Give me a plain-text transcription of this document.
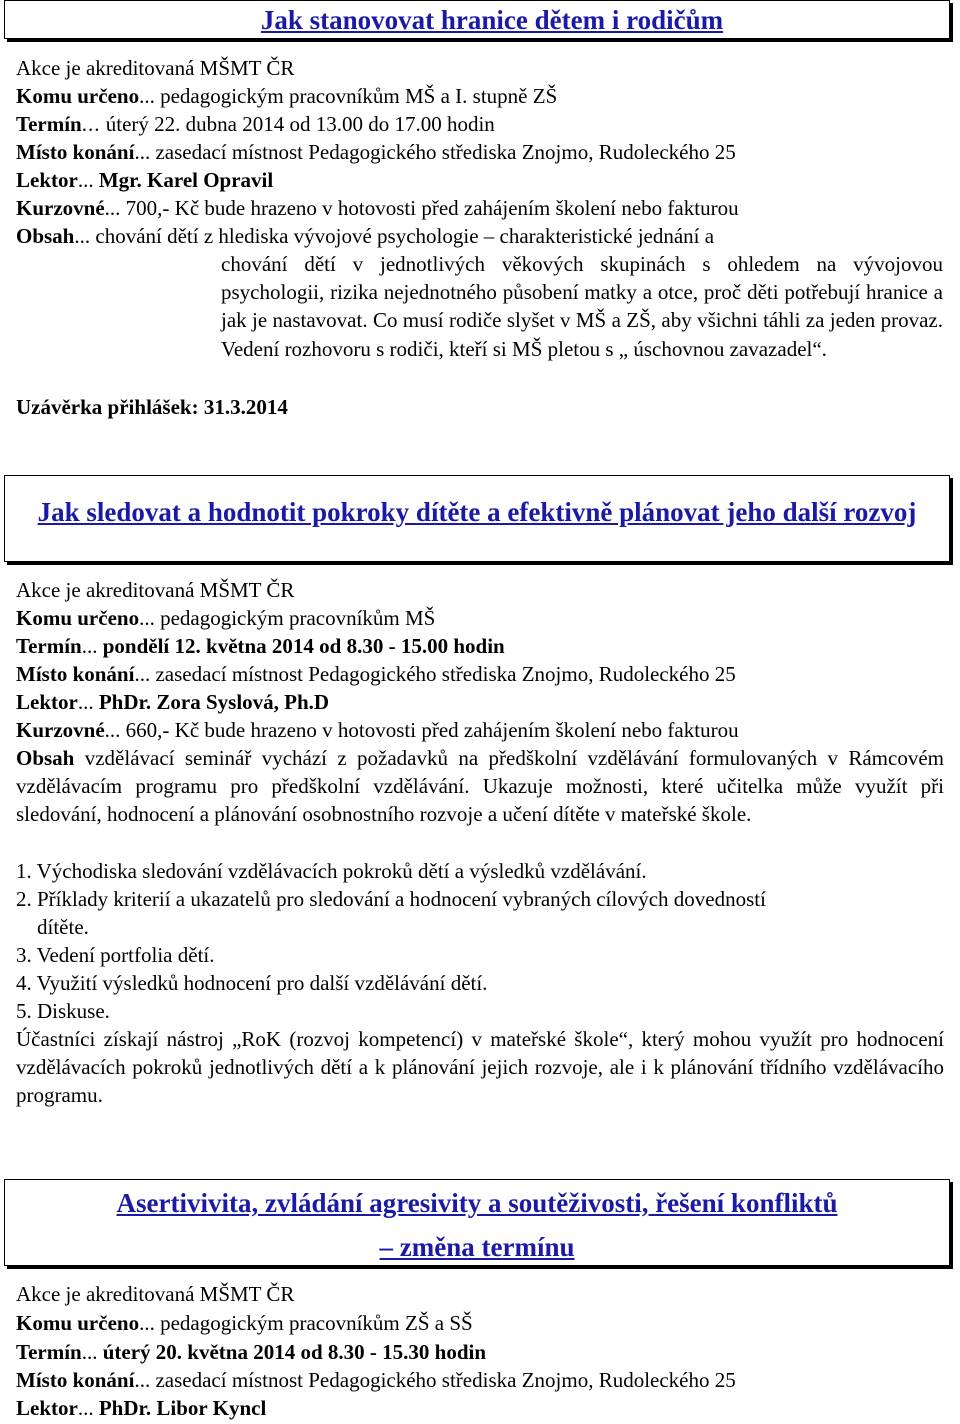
Jak stanovovat hranice dětem i rodičům
Akce je akreditovaná MŠMT ČR
Komu určeno... pedagogickým pracovníkům MŠ a I. stupně ZŠ
Termín... úterý 22. dubna 2014 od 13.00 do 17.00 hodin
Místo konání... zasedací místnost Pedagogického střediska Znojmo, Rudoleckého 25
Lektor... Mgr. Karel Opravil
Kurzovné... 700,- Kč bude hrazeno v hotovosti před zahájením školení nebo fakturou
Obsah... chování dětí z hlediska vývojové psychologie – charakteristické jednání a
chování dětí v jednotlivých věkových skupinách s ohledem na vývojovou psychologii, rizika nejednotného působení matky a otce, proč děti potřebují hranice a jak je nastavovat. Co musí rodiče slyšet v MŠ a ZŠ, aby všichni táhli za jeden provaz. Vedení rozhovoru s rodiči, kteří si MŠ pletou s „ úschovnou zavazadel“.
Uzávěrka přihlášek: 31.3.2014
Jak sledovat a hodnotit pokroky dítěte a efektivně plánovat jeho další rozvoj
Akce je akreditovaná MŠMT ČR
Komu určeno... pedagogickým pracovníkům MŠ
Termín... pondělí 12. května 2014 od 8.30 - 15.00 hodin
Místo konání... zasedací místnost Pedagogického střediska Znojmo, Rudoleckého 25
Lektor... PhDr. Zora Syslová, Ph.D
Kurzovné... 660,- Kč bude hrazeno v hotovosti před zahájením školení nebo fakturou
Obsah vzdělávací seminář vychází z požadavků na předškolní vzdělávání formulovaných v Rámcovém vzdělávacím programu pro předškolní vzdělávání. Ukazuje možnosti, které učitelka může využít při sledování, hodnocení a plánování osobnostního rozvoje a učení dítěte v mateřské škole.
1. Východiska sledování vzdělávacích pokroků dětí a výsledků vzdělávání.
2. Příklady kriterií a ukazatelů pro sledování a hodnocení vybraných cílových dovedností
dítěte.
3. Vedení portfolia dětí.
4. Využití výsledků hodnocení pro další vzdělávání dětí.
5. Diskuse.
Účastníci získají nástroj „RoK (rozvoj kompetencí) v mateřské škole“, který mohou využít pro hodnocení vzdělávacích pokroků jednotlivých dětí a k plánování jejich rozvoje, ale i k plánování třídního vzdělávacího programu.
Asertivivita, zvládání agresivity a soutěživosti, řešení konfliktů
– změna termínu
Akce je akreditovaná MŠMT ČR
Komu určeno... pedagogickým pracovníkům ZŠ a SŠ
Termín... úterý 20. května 2014 od 8.30 - 15.30 hodin
Místo konání... zasedací místnost Pedagogického střediska Znojmo, Rudoleckého 25
Lektor... PhDr. Libor Kyncl
